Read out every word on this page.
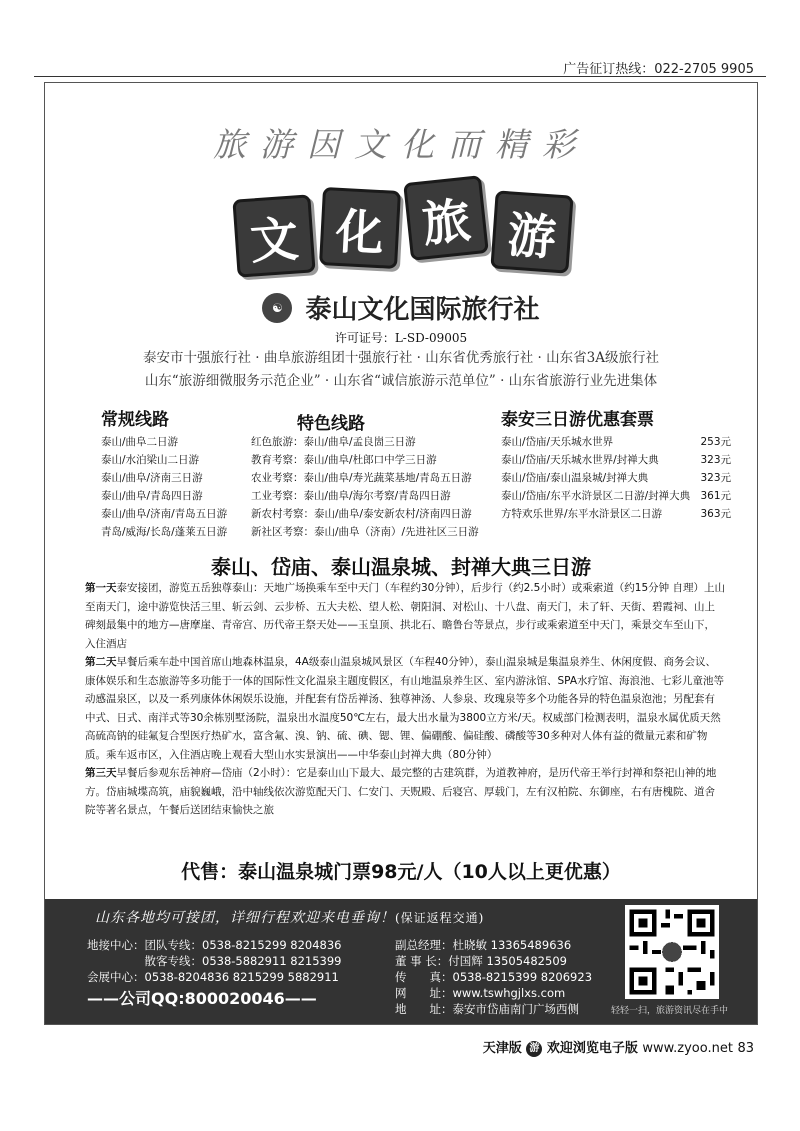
广告征订热线：022-2705 9905
旅游因文化而精彩
文 化 旅 游
☯ 泰山文化国际旅行社
许可证号：L-SD-09005
泰安市十强旅行社 · 曲阜旅游组团十强旅行社 · 山东省优秀旅行社 · 山东省3A级旅行社
山东“旅游细微服务示范企业” · 山东省“诚信旅游示范单位” · 山东省旅游行业先进集体
常规线路
泰山/曲阜二日游
泰山/水泊梁山二日游
泰山/曲阜/济南三日游
泰山/曲阜/青岛四日游
泰山/曲阜/济南/青岛五日游
青岛/威海/长岛/蓬莱五日游
特色线路
红色旅游：泰山/曲阜/孟良崮三日游
教育考察：泰山/曲阜/杜郎口中学三日游
农业考察：泰山/曲阜/寿光蔬菜基地/青岛五日游
工业考察：泰山/曲阜/海尔考察/青岛四日游
新农村考察：泰山/曲阜/泰安新农村/济南四日游
新社区考察：泰山/曲阜（济南）/先进社区三日游
泰安三日游优惠套票
泰山/岱庙/天乐城水世界	253元
泰山/岱庙/天乐城水世界/封禅大典	323元
泰山/岱庙/泰山温泉城/封禅大典	323元
泰山/岱庙/东平水浒景区二日游/封禅大典 361元
方特欢乐世界/东平水浒景区二日游	363元
泰山、岱庙、泰山温泉城、封禅大典三日游
第一天泰安接团，游览五岳独尊泰山：天地广场换乘车至中天门（车程约30分钟），后步行（约2.5小时）或乘索道（约15分钟 自理）上山至南天门，途中游览快活三里、斩云剑、云步桥、五大夫松、望人松、朝阳洞、对松山、十八盘、南天门，未了轩、天街、碧霞祠、山上碑刻最集中的地方—唐摩崖、青帝宫、历代帝王祭天处——玉皇顶、拱北石、瞻鲁台等景点，步行或乘索道至中天门，乘景交车至山下，入住酒店
第二天早餐后乘车赴中国首席山地森林温泉，4A级泰山温泉城风景区（车程40分钟），泰山温泉城是集温泉养生、休闲度假、商务会议、康体娱乐和生态旅游等多功能于一体的国际性文化温泉主题度假区，有山地温泉养生区、室内游泳馆、SPA水疗馆、海浪池、七彩儿童池等动感温泉区，以及一系列康体休闲娱乐设施，并配套有岱岳禅汤、独尊神汤、人参泉、玫瑰泉等多个功能各异的特色温泉泡池；另配套有中式、日式、南洋式等30余栋别墅汤院，温泉出水温度50℃左右，最大出水量为3800立方米/天。权威部门检测表明，温泉水属优质天然高硫高钠的硅氟复合型医疗热矿水，富含氟、溴、钠、硫、碘、锶、锂、偏硼酸、偏硅酸、磷酸等30多种对人体有益的微量元素和矿物质。乘车返市区，入住酒店晚上观看大型山水实景演出——中华泰山封禅大典（80分钟）
第三天早餐后参观东岳神府—岱庙（2小时）：它是泰山山下最大、最完整的古建筑群，为道教神府，是历代帝王举行封禅和祭祀山神的地方。岱庙城堞高筑，庙貌巍峨，沿中轴线依次游览配天门、仁安门、天贶殿、后寝宫、厚载门，左有汉柏院、东御座，右有唐槐院、道舍院等著名景点，午餐后送团结束愉快之旅
代售：泰山温泉城门票98元/人（10人以上更优惠）
山东各地均可接团，详细行程欢迎来电垂询！(保证返程交通)
地接中心：团队专线：0538-8215299 8204836
　　　　　散客专线：0538-5882911 8215399
会展中心：0538-8204836 8215299 5882911
——公司QQ:800020046——
副总经理：杜晓敏 13365489636
董 事 长：付国辉 13505482509
传　　真：0538-8215399 8206923
网　　址：www.tswhgjlxs.com
地　　址：泰安市岱庙南门广场西侧	轻轻一扫，旅游资讯尽在手中
天津版 游 欢迎浏览电子版 www.zyoo.net 83
